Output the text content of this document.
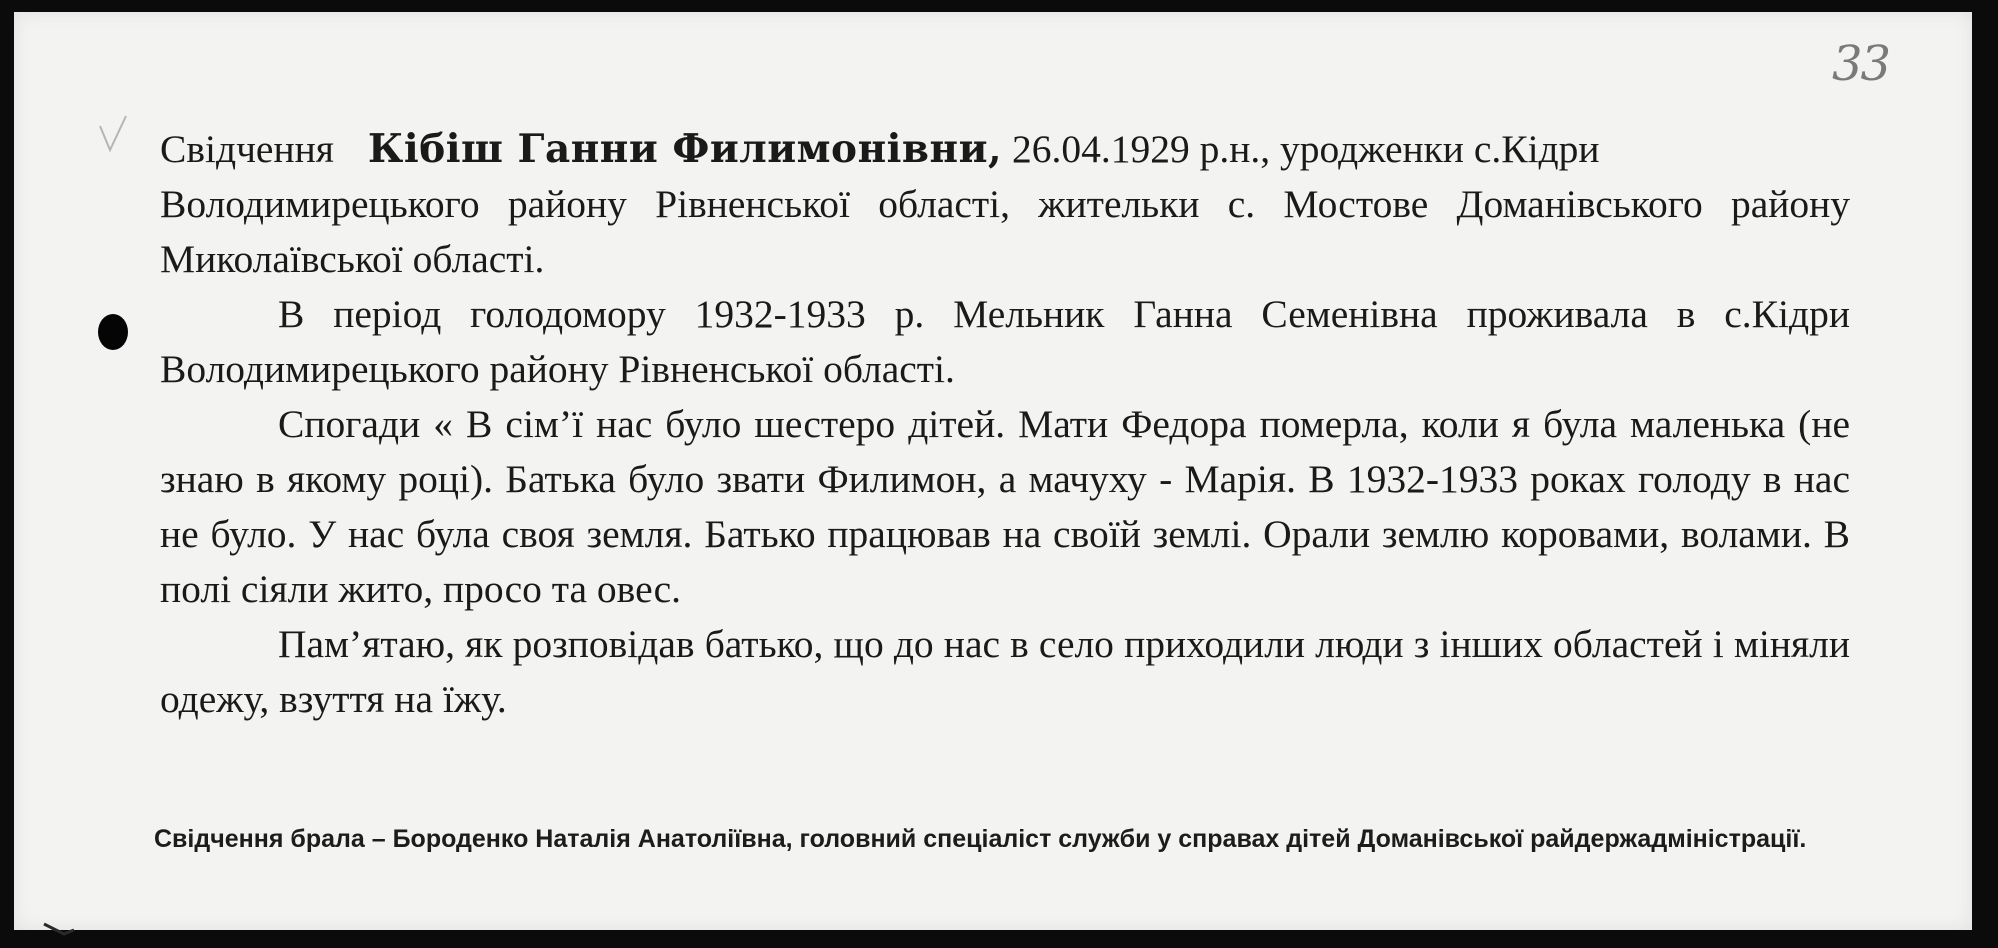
33
Свідчення Кібіш Ганни Филимонівни, 26.04.1929 р.н., уродженки с.Кідри

Володимирецького району Рівненської області, жительки с. Мостове Доманівського району Миколаївської області.

В період голодомору 1932-1933 р. Мельник Ганна Семенівна проживала в с.Кідри Володимирецького району Рівненської області.

Спогади « В сім’ї нас було шестеро дітей. Мати Федора померла, коли я була маленька (не знаю в якому році). Батька було звати Филимон, а мачуху - Марія. В 1932-1933 роках голоду в нас не було. У нас була своя земля. Батько працював на своїй землі. Орали землю коровами, волами. В полі сіяли жито, просо та овес.

Пам’ятаю, як розповідав батько, що до нас в село приходили люди з інших областей і міняли одежу, взуття на їжу.

Свідчення брала – Бороденко Наталія Анатоліївна, головний спеціаліст служби у справах дітей Доманівської райдержадміністрації.
